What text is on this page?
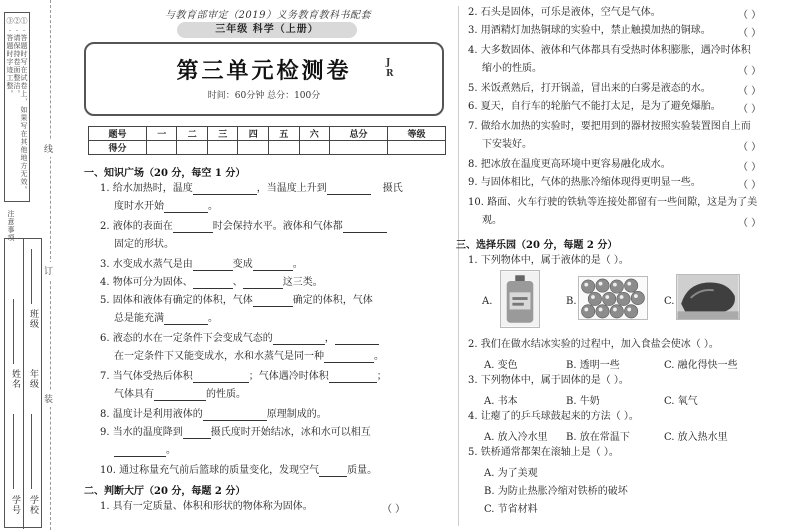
①.答题时写在试卷上，如果写在其他地方无效。
②.请保持卷面整洁。
③.答题时字迹工整。
注意事项
班级
姓名 年级
学号 学校
线
订
装
与教育部审定（2019）义务教育教科书配套
三年级 科学（上册）
第三单元检测卷	J
R
时间：60分钟 总分：100分
题号	一	二	三	四	五	六	总分	等级
得分								
一、知识广场（20 分，每空 1 分）
1. 给水加热时，温度	，当温度上升到	摄氏
度时水开始	。
2. 液体的表面在	时会保持水平。液体和气体都
固定的形状。
3. 水变成水蒸气是由	变成	。
4. 物体可分为固体、	、	这三类。
5. 固体和液体有确定的体积，气体	确定的体积，气体
总是能充满	。
6. 液态的水在一定条件下会变成气态的	，
在一定条件下又能变成水，水和水蒸气是同一种	。
7. 当气体受热后体积	；气体遇冷时体积	；
气体具有	的性质。
8. 温度计是利用液体的	原理制成的。
9. 当水的温度降到	摄氏度时开始结冰，冰和水可以相互
。
10. 通过称量充气前后篮球的质量变化，发现空气	质量。
二、判断大厅（20 分，每题 2 分）
1. 具有一定质量、体积和形状的物体称为固体。	（ ）
2. 石头是固体，可乐是液体，空气是气体。	（ ）
3. 用酒精灯加热铜球的实验中，禁止触摸加热的铜球。	（ ）
4. 大多数固体、液体和气体都具有受热时体积膨胀，遇冷时体积
缩小的性质。	（ ）
5. 米饭煮熟后，打开锅盖，冒出来的白雾是液态的水。	（ ）
6. 夏天，自行车的轮胎气不能打太足，是为了避免爆胎。 （ ）
7. 做给水加热的实验时，要把用到的器材按照实验装置图自上而
下安装好。	（ ）
8. 把冰放在温度更高环境中更容易融化成水。	（ ）
9. 与固体相比，气体的热胀冷缩体现得更明显一些。	（ ）
10. 路面、火车行驶的铁轨等连接处都留有一些间隙，这是为了美
观。	（ ）
三、选择乐园（20 分，每题 2 分）
1. 下列物体中，属于液体的是（ ）。
A.	B.	C.
2. 我们在做水结冰实验的过程中，加入食盐会使冰（ ）。
A. 变色	B. 透明一些	C. 融化得快一些
3. 下列物体中，属于固体的是（ ）。
A. 书本	B. 牛奶	C. 氧气
4. 让瘪了的乒乓球鼓起来的方法（ ）。
A. 放入冷水里 B. 放在常温下	C. 放入热水里
5. 铁桥通常都架在滚轴上是（ ）。
A. 为了美观
B. 为防止热胀冷缩对铁桥的破坏
C. 节省材料
